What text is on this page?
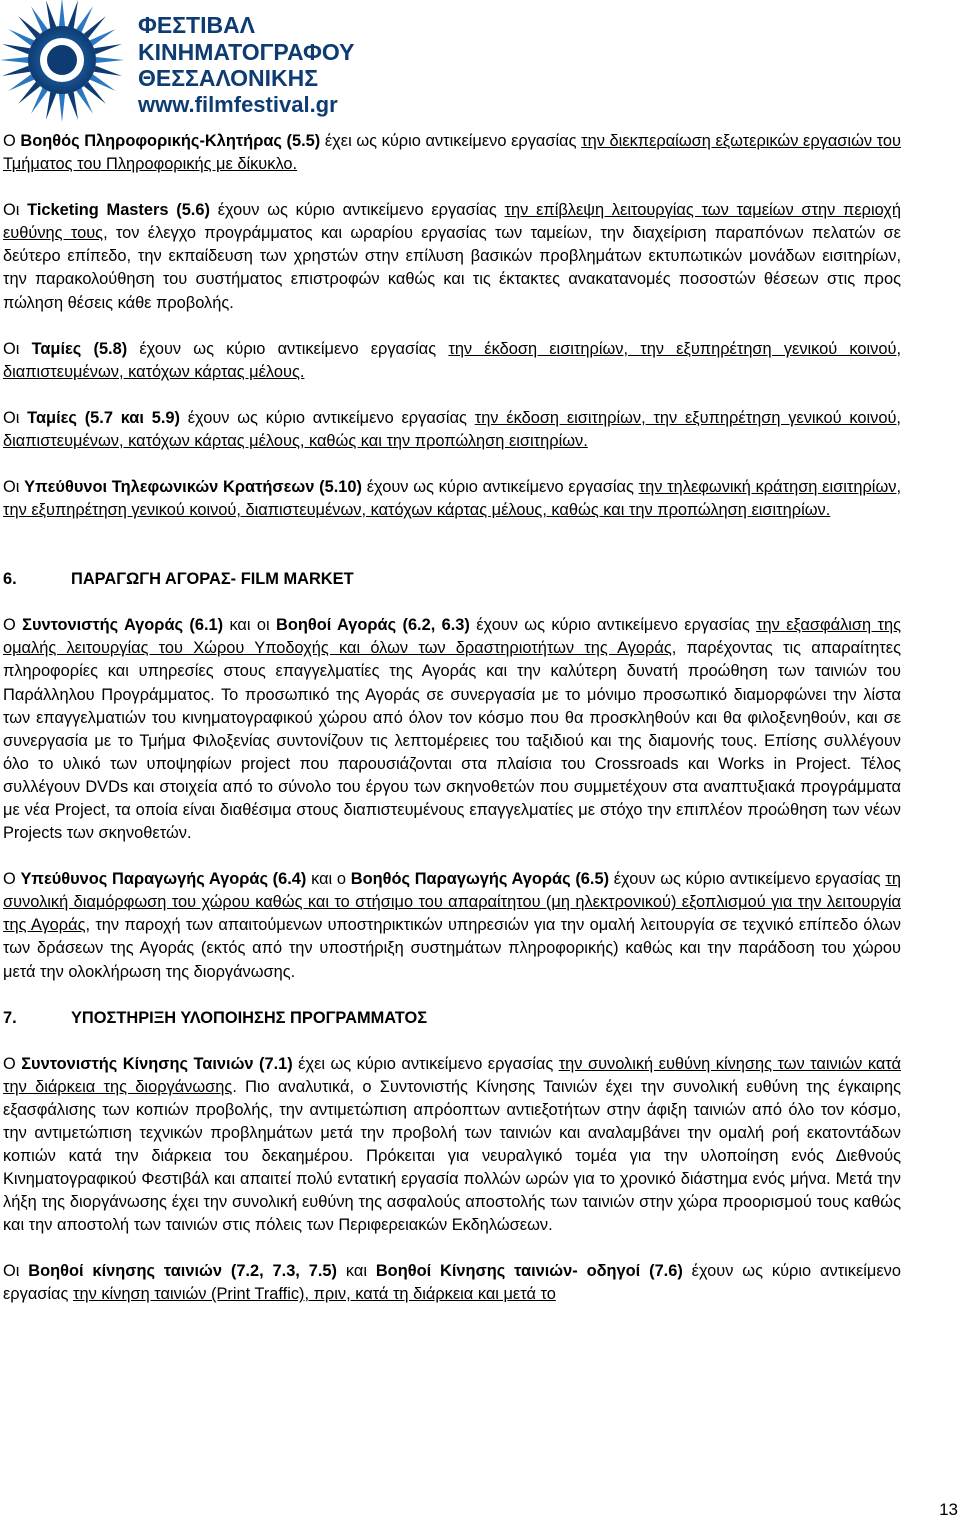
ΦΕΣΤΙΒΑΛ
ΚΙΝΗΜΑΤΟΓΡΑΦΟΥ
ΘΕΣΣΑΛΟΝΙΚΗΣ
www.filmfestival.gr

Ο Βοηθός Πληροφορικής-Κλητήρας (5.5) έχει ως κύριο αντικείμενο εργασίας την διεκπεραίωση εξωτερικών εργασιών του Τμήματος του Πληροφορικής με δίκυκλο.

Οι Ticketing Masters (5.6) έχουν ως κύριο αντικείμενο εργασίας την επίβλεψη λειτουργίας των ταμείων στην περιοχή ευθύνης τους, τον έλεγχο προγράμματος και ωραρίου εργασίας των ταμείων, την διαχείριση παραπόνων πελατών σε δεύτερο επίπεδο, την εκπαίδευση των χρηστών στην επίλυση βασικών προβλημάτων εκτυπωτικών μονάδων εισιτηρίων, την παρακολούθηση του συστήματος επιστροφών καθώς και τις έκτακτες ανακατανομές ποσοστών θέσεων στις προς πώληση θέσεις κάθε προβολής.

Οι Ταμίες (5.8) έχουν ως κύριο αντικείμενο εργασίας την έκδοση εισιτηρίων, την εξυπηρέτηση γενικού κοινού, διαπιστευμένων, κατόχων κάρτας μέλους.

Οι Ταμίες (5.7 και 5.9) έχουν ως κύριο αντικείμενο εργασίας την έκδοση εισιτηρίων, την εξυπηρέτηση γενικού κοινού, διαπιστευμένων, κατόχων κάρτας μέλους, καθώς και την προπώληση εισιτηρίων.

Οι Υπεύθυνοι Τηλεφωνικών Κρατήσεων (5.10) έχουν ως κύριο αντικείμενο εργασίας την τηλεφωνική κράτηση εισιτηρίων, την εξυπηρέτηση γενικού κοινού, διαπιστευμένων, κατόχων κάρτας μέλους, καθώς και την προπώληση εισιτηρίων.

6.	ΠΑΡΑΓΩΓΗ ΑΓΟΡΑΣ- FILM MARKET

Ο Συντονιστής Αγοράς (6.1) και οι Βοηθοί Αγοράς (6.2, 6.3) έχουν ως κύριο αντικείμενο εργασίας την εξασφάλιση της ομαλής λειτουργίας του Χώρου Υποδοχής και όλων των δραστηριοτήτων της Αγοράς, παρέχοντας τις απαραίτητες πληροφορίες και υπηρεσίες στους επαγγελματίες της Αγοράς και την καλύτερη δυνατή προώθηση των ταινιών του Παράλληλου Προγράμματος. Το προσωπικό της Αγοράς σε συνεργασία με το μόνιμο προσωπικό διαμορφώνει την λίστα των επαγγελματιών του κινηματογραφικού χώρου από όλον τον κόσμο που θα προσκληθούν και θα φιλοξενηθούν, και σε συνεργασία με το Τμήμα Φιλοξενίας συντονίζουν τις λεπτομέρειες του ταξιδιού και της διαμονής τους. Επίσης συλλέγουν όλο το υλικό των υποψηφίων project που παρουσιάζονται στα πλαίσια του Crossroads και Works in Project. Τέλος συλλέγουν DVDs και στοιχεία από το σύνολο του έργου των σκηνοθετών που συμμετέχουν στα αναπτυξιακά προγράμματα με νέα Project, τα οποία είναι διαθέσιμα στους διαπιστευμένους επαγγελματίες με στόχο την επιπλέον προώθηση των νέων Projects των σκηνοθετών.

Ο Υπεύθυνος Παραγωγής Αγοράς (6.4) και ο Βοηθός Παραγωγής Αγοράς (6.5) έχουν ως κύριο αντικείμενο εργασίας τη συνολική διαμόρφωση του χώρου καθώς και το στήσιμο του απαραίτητου (μη ηλεκτρονικού) εξοπλισμού για την λειτουργία της Αγοράς, την παροχή των απαιτούμενων υποστηρικτικών υπηρεσιών για την ομαλή λειτουργία σε τεχνικό επίπεδο όλων των δράσεων της Αγοράς (εκτός από την υποστήριξη συστημάτων πληροφορικής) καθώς και την παράδοση του χώρου μετά την ολοκλήρωση της διοργάνωσης.

7.	ΥΠΟΣΤΗΡΙΞΗ ΥΛΟΠΟΙΗΣΗΣ ΠΡΟΓΡΑΜΜΑΤΟΣ

Ο Συντονιστής Κίνησης Ταινιών (7.1) έχει ως κύριο αντικείμενο εργασίας την συνολική ευθύνη κίνησης των ταινιών κατά την διάρκεια της διοργάνωσης. Πιο αναλυτικά, ο Συντονιστής Κίνησης Ταινιών έχει την συνολική ευθύνη της έγκαιρης εξασφάλισης των κοπιών προβολής, την αντιμετώπιση απρόοπτων αντιεξοτήτων στην άφιξη ταινιών από όλο τον κόσμο, την αντιμετώπιση τεχνικών προβλημάτων μετά την προβολή των ταινιών και αναλαμβάνει την ομαλή ροή εκατοντάδων κοπιών κατά την διάρκεια του δεκαημέρου. Πρόκειται για νευραλγικό τομέα για την υλοποίηση ενός Διεθνούς Κινηματογραφικού Φεστιβάλ και απαιτεί πολύ εντατική εργασία πολλών ωρών για το χρονικό διάστημα ενός μήνα. Μετά την λήξη της διοργάνωσης έχει την συνολική ευθύνη της ασφαλούς αποστολής των ταινιών στην χώρα προορισμού τους καθώς και την αποστολή των ταινιών στις πόλεις των Περιφερειακών Εκδηλώσεων.

Οι Βοηθοί κίνησης ταινιών (7.2, 7.3, 7.5) και Βοηθοί Κίνησης ταινιών- οδηγοί (7.6) έχουν ως κύριο αντικείμενο εργασίας την κίνηση ταινιών (Print Traffic), πριν, κατά τη διάρκεια και μετά το

13
